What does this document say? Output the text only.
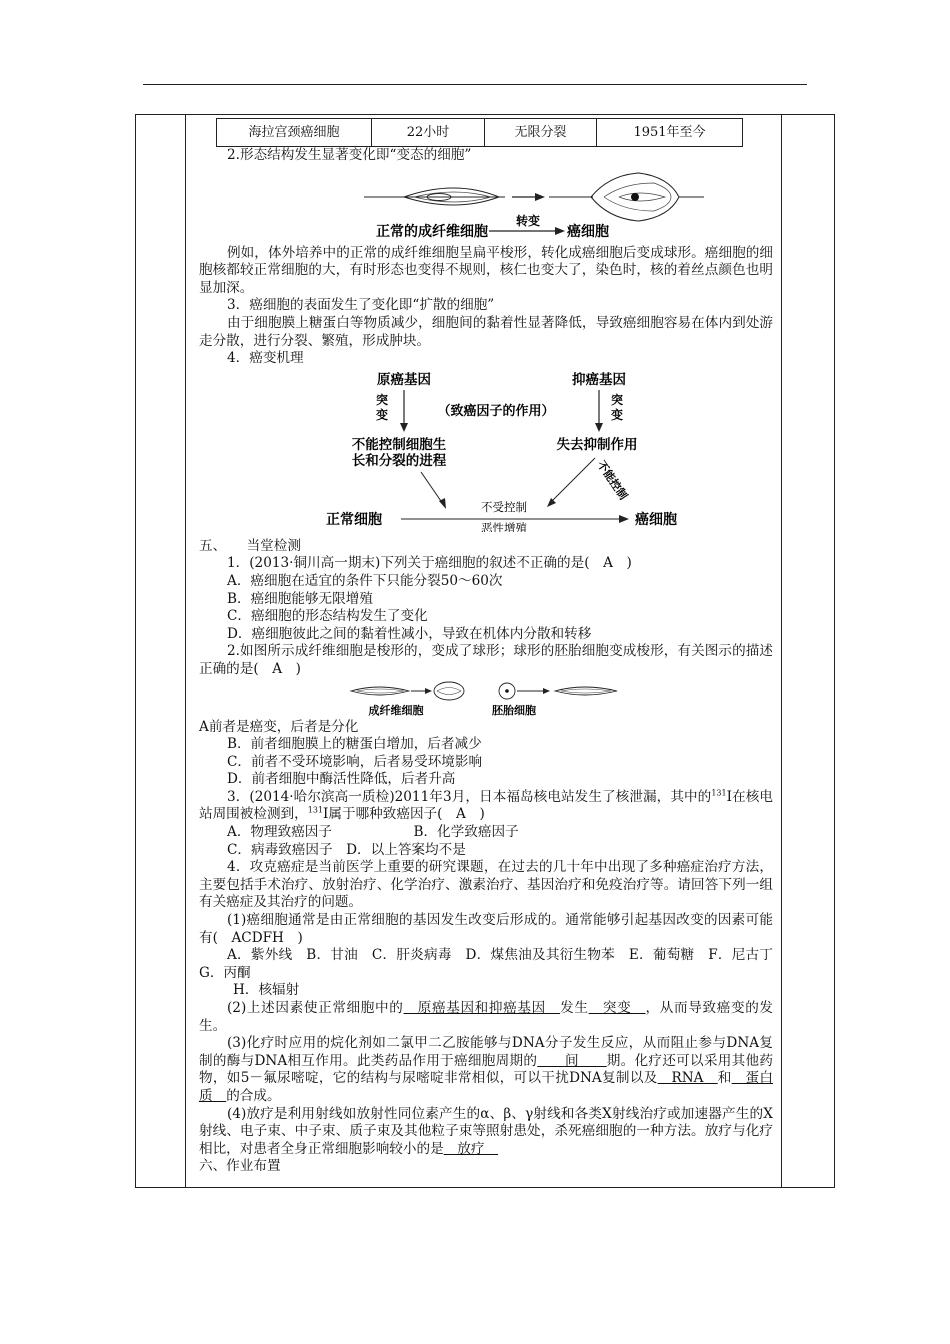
海拉宫颈癌细胞	22小时	无限分裂	1951年至今

2.形态结构发生显著变化即“变态的细胞”

转变
正常的成纤维细胞	癌细胞

例如，体外培养中的正常的成纤维细胞呈扁平梭形，转化成癌细胞后变成球形。癌细胞的细胞核都较正常细胞的大，有时形态也变得不规则，核仁也变大了，染色时，核的着丝点颜色也明显加深。

3．癌细胞的表面发生了变化即“扩散的细胞”

由于细胞膜上糖蛋白等物质减少，细胞间的黏着性显著降低，导致癌细胞容易在体内到处游走分散，进行分裂、繁殖，形成肿块。

4．癌变机理

原癌基因	抑癌基因
突
变
突
变
（致癌因子的作用）
不能控制细胞生
长和分裂的进程
失去抑制作用
不能控制
正常细胞
不受控制
恶性增殖	癌细胞

五、　　当堂检测

1．(2013·铜川高一期末)下列关于癌细胞的叙述不正确的是(　A　)

A．癌细胞在适宜的条件下只能分裂50～60次

B．癌细胞能够无限增殖

C．癌细胞的形态结构发生了变化

D．癌细胞彼此之间的黏着性减小，导致在机体内分散和转移

2.如图所示成纤维细胞是梭形的，变成了球形；球形的胚胎细胞变成梭形，有关图示的描述正确的是(　A　)

成纤维细胞	胚胎细胞

A前者是癌变，后者是分化

B．前者细胞膜上的糖蛋白增加，后者减少

C．前者不受环境影响，后者易受环境影响

D．前者细胞中酶活性降低，后者升高

3．(2014·哈尔滨高一质检)2011年3月，日本福岛核电站发生了核泄漏，其中的$^{131}$I在核电站周围被检测到，$^{131}$I属于哪种致癌因子(　A　)

A．物理致癌因子　　　　　　B．化学致癌因子

C．病毒致癌因子　D．以上答案均不是

4．攻克癌症是当前医学上重要的研究课题，在过去的几十年中出现了多种癌症治疗方法，主要包括手术治疗、放射治疗、化学治疗、激素治疗、基因治疗和免疫治疗等。请回答下列一组有关癌症及其治疗的问题。

(1)癌细胞通常是由正常细胞的基因发生改变后形成的。通常能够引起基因改变的因素可能有(　ACDFH　)

A．紫外线　B．甘油　C．肝炎病毒　D．煤焦油及其衍生物苯　E．葡萄糖　F．尼古丁　G．丙酮

H．核辐射

(2)上述因素使正常细胞中的　原癌基因和抑癌基因　发生　突变　，从而导致癌变的发生。

(3)化疗时应用的烷化剂如二氯甲二乙胺能够与DNA分子发生反应，从而阻止参与DNA复制的酶与DNA相互作用。此类药品作用于癌细胞周期的　　间　　期。化疗还可以采用其他药物，如5－氟尿嘧啶，它的结构与尿嘧啶非常相似，可以干扰DNA复制以及　RNA　和　蛋白质　的合成。

(4)放疗是利用射线如放射性同位素产生的α、β、γ射线和各类X射线治疗或加速器产生的X射线、电子束、中子束、质子束及其他粒子束等照射患处，杀死癌细胞的一种方法。放疗与化疗相比，对患者全身正常细胞影响较小的是　放疗　

六、作业布置
